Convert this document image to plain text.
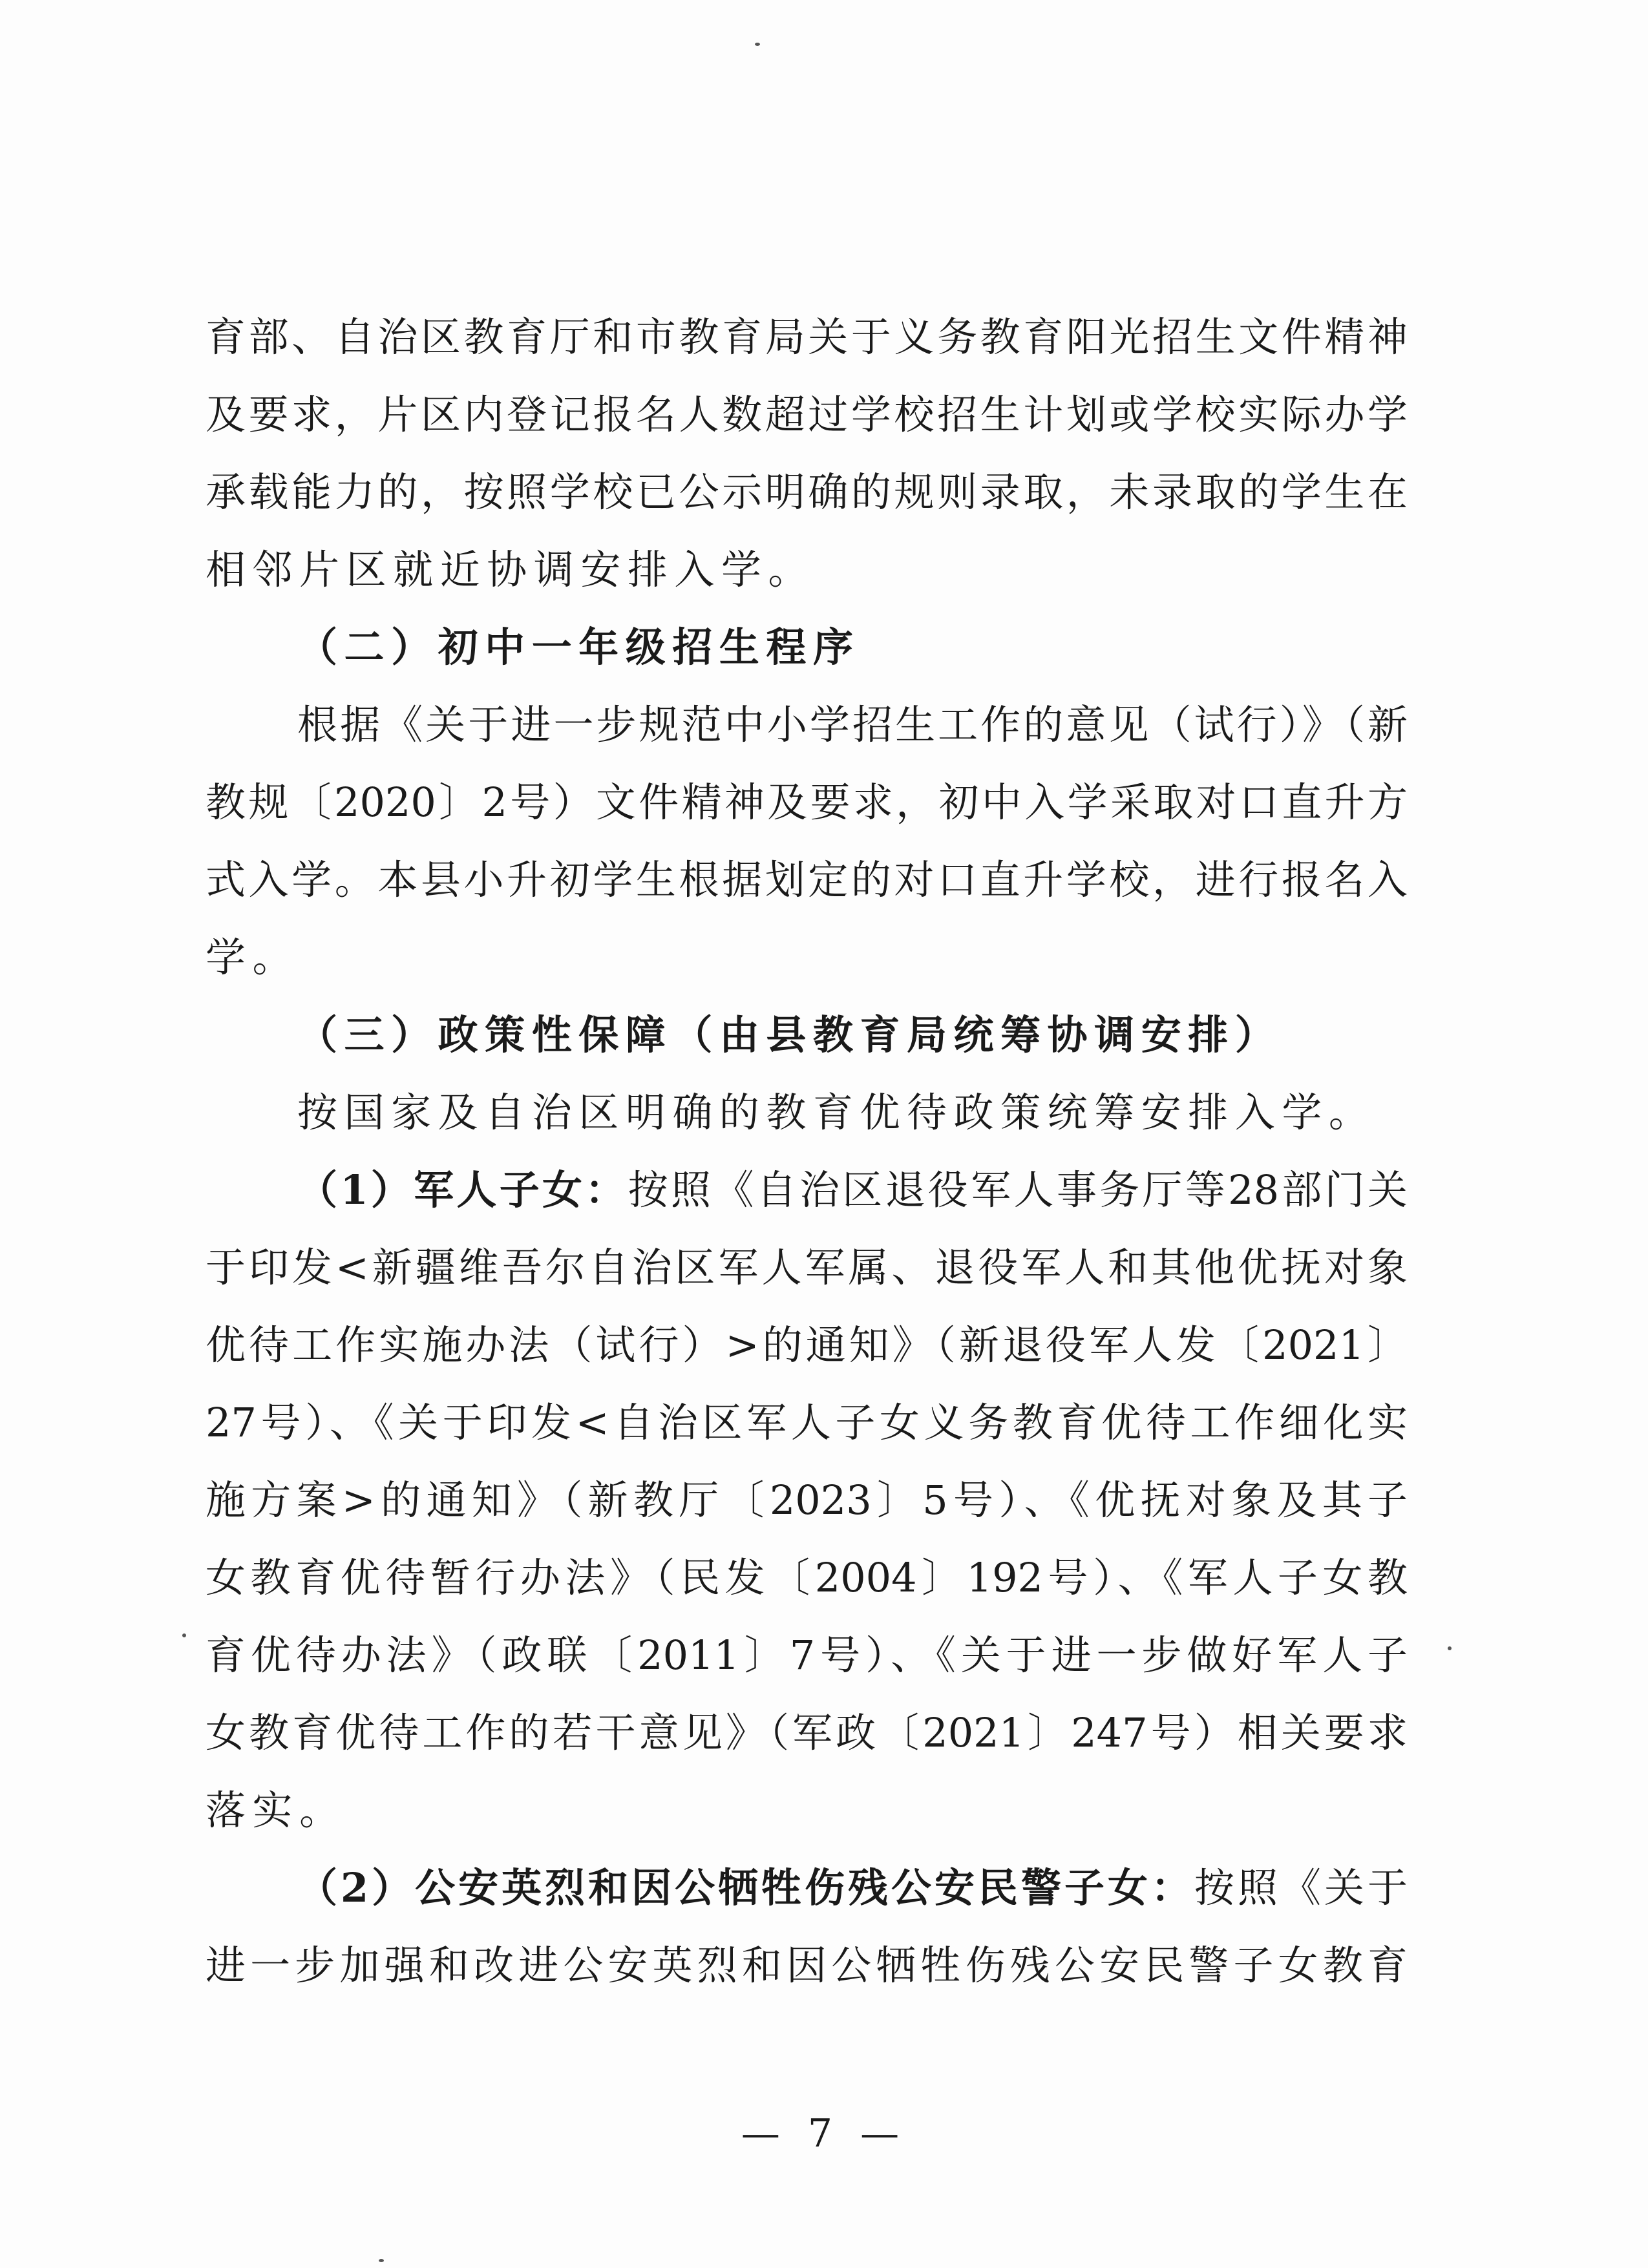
育部、自治区教育厅和市教育局关于义务教育阳光招生文件精神
及要求，片区内登记报名人数超过学校招生计划或学校实际办学
承载能力的，按照学校已公示明确的规则录取，未录取的学生在
相邻片区就近协调安排入学。
（二）初中一年级招生程序
根据《关于进一步规范中小学招生工作的意见（试行）》（新
教规〔2020〕2号）文件精神及要求，初中入学采取对口直升方
式入学。本县小升初学生根据划定的对口直升学校，进行报名入
学。
（三）政策性保障（由县教育局统筹协调安排）
按国家及自治区明确的教育优待政策统筹安排入学。
（1）军人子女：按照《自治区退役军人事务厅等28部门关
于印发<新疆维吾尔自治区军人军属、退役军人和其他优抚对象
优待工作实施办法（试行）>的通知》（新退役军人发〔2021〕
27号）、《关于印发<自治区军人子女义务教育优待工作细化实
施方案>的通知》（新教厅〔2023〕5号）、《优抚对象及其子
女教育优待暂行办法》（民发〔2004〕192号）、《军人子女教
育优待办法》（政联〔2011〕7号）、《关于进一步做好军人子
女教育优待工作的若干意见》（军政〔2021〕247号）相关要求
落实。
（2）公安英烈和因公牺牲伤残公安民警子女：按照《关于
进一步加强和改进公安英烈和因公牺牲伤残公安民警子女教育
— 7 —
